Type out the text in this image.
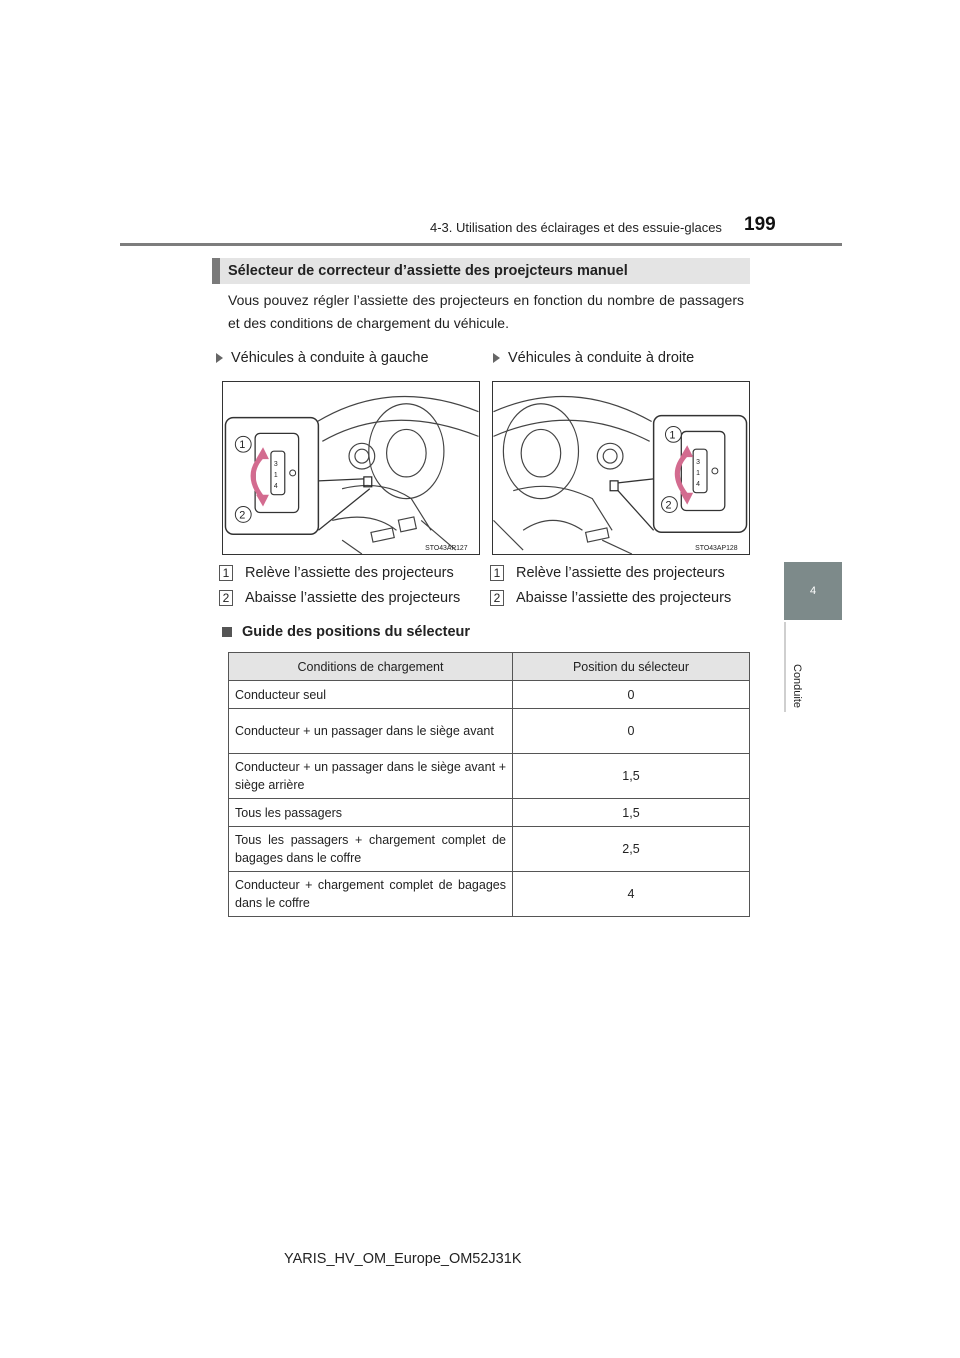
4-3. Utilisation des éclairages et des essuie-glaces 199
4
Conduite
Sélecteur de correcteur d’assiette des proejcteurs manuel
Vous pouvez régler l’assiette des projecteurs en fonction du nombre de passagers et des conditions de chargement du véhicule.
Véhicules à conduite à gauche	Véhicules à conduite à droite
3
1
4
1
2
STO43AP127
3
1
4
1
2
STO43AP128
1 Relève l’assiette des projecteurs
2 Abaisse l’assiette des projecteurs
1 Relève l’assiette des projecteurs
2 Abaisse l’assiette des projecteurs
Guide des positions du sélecteur
Conditions de chargement	Position du sélecteur
Conducteur seul	0
Conducteur + un passager dans le siège avant	0
Conducteur + un passager dans le siège avant + siège arrière	1,5
Tous les passagers	1,5
Tous les passagers + chargement complet de bagages dans le coffre	2,5
Conducteur + chargement complet de bagages dans le coffre	4
YARIS_HV_OM_Europe_OM52J31K
